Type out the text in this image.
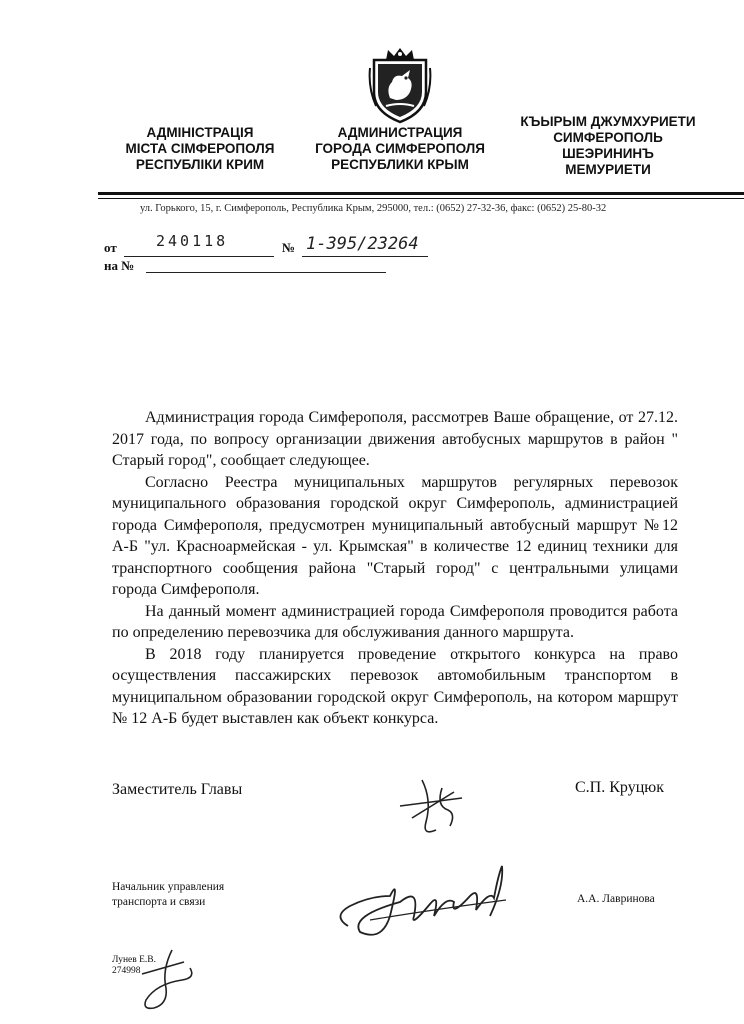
АДМІНІСТРАЦІЯ
МІСТА СІМФЕРОПОЛЯ
РЕСПУБЛІКИ КРИМ
АДМИНИСТРАЦИЯ
ГОРОДА СИМФЕРОПОЛЯ
РЕСПУБЛИКИ КРЫМ
КЪЫРЫМ ДЖУМХУРИЕТИ
СИМФЕРОПОЛЬ
ШЕЭРИНИНЪ
МЕМУРИЕТИ
ул. Горького, 15, г. Симферополь, Республика Крым, 295000, тел.: (0652) 27-32-36, факс: (0652) 25-80-32
от	240118	№ 1-395/23264
на №

Администрация города Симферополя, рассмотрев Ваше обращение, от 27.12. 2017 года, по вопросу организации движения автобусных маршрутов в район " Старый город", сообщает следующее.

Согласно Реестра муниципальных маршрутов регулярных перевозок муниципального образования городской округ Симферополь, администрацией города Симферополя, предусмотрен муниципальный автобусный маршрут №12 А-Б "ул. Красноармейская - ул. Крымская" в количестве 12 единиц техники для транспортного сообщения района "Старый город" с центральными улицами города Симферополя.

На данный момент администрацией города Симферополя проводится работа по определению перевозчика для обслуживания данного маршрута.

В 2018 году планируется проведение открытого конкурса на право осуществления пассажирских перевозок автомобильным транспортом в муниципальном образовании городской округ Симферополь, на котором маршрут № 12 А-Б будет выставлен как объект конкурса.

Заместитель Главы	С.П. Круцюк
Начальник управления
транспорта и связи	А.А. Лавринова
Лунев Е.В.
274998
